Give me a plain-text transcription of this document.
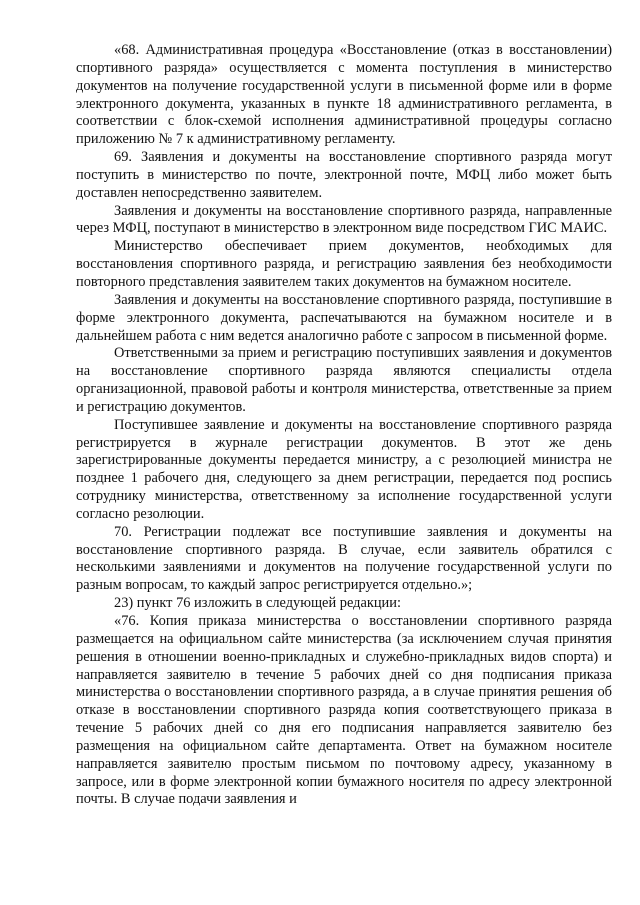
«68. Административная процедура «Восстановление (отказ в восстановлении) спортивного разряда» осуществляется с момента поступления в министерство документов на получение государственной услуги в письменной форме или в форме электронного документа, указанных в пункте 18 административного регламента, в соответствии с блок-схемой исполнения административной процедуры согласно приложению № 7 к административному регламенту.

69. Заявления и документы на восстановление спортивного разряда могут поступить в министерство по почте, электронной почте, МФЦ либо может быть доставлен непосредственно заявителем.

Заявления и документы на восстановление спортивного разряда, направленные через МФЦ, поступают в министерство в электронном виде посредством ГИС МАИС.

Министерство обеспечивает прием документов, необходимых для восстановления спортивного разряда, и регистрацию заявления без необходимости повторного представления заявителем таких документов на бумажном носителе.

Заявления и документы на восстановление спортивного разряда, поступившие в форме электронного документа, распечатываются на бумажном носителе и в дальнейшем работа с ним ведется аналогично работе с запросом в письменной форме.

Ответственными за прием и регистрацию поступивших заявления и документов на восстановление спортивного разряда являются специалисты отдела организационной, правовой работы и контроля министерства, ответственные за прием и регистрацию документов.

Поступившее заявление и документы на восстановление спортивного разряда регистрируется в журнале регистрации документов. В этот же день зарегистрированные документы передается министру, а с резолюцией министра не позднее 1 рабочего дня, следующего за днем регистрации, передается под роспись сотруднику министерства, ответственному за исполнение государственной услуги согласно резолюции.

70. Регистрации подлежат все поступившие заявления и документы на восстановление спортивного разряда. В случае, если заявитель обратился с несколькими заявлениями и документов на получение государственной услуги по разным вопросам, то каждый запрос регистрируется отдельно.»;

23) пункт 76 изложить в следующей редакции:

«76. Копия приказа министерства о восстановлении спортивного разряда размещается на официальном сайте министерства (за исключением случая принятия решения в отношении военно-прикладных и служебно-прикладных видов спорта) и направляется заявителю в течение 5 рабочих дней со дня подписания приказа министерства о восстановлении спортивного разряда, а в случае принятия решения об отказе в восстановлении спортивного разряда копия соответствующего приказа в течение 5 рабочих дней со дня его подписания направляется заявителю без размещения на официальном сайте департамента. Ответ на бумажном носителе направляется заявителю простым письмом по почтовому адресу, указанному в запросе, или в форме электронной копии бумажного носителя по адресу электронной почты. В случае подачи заявления и
